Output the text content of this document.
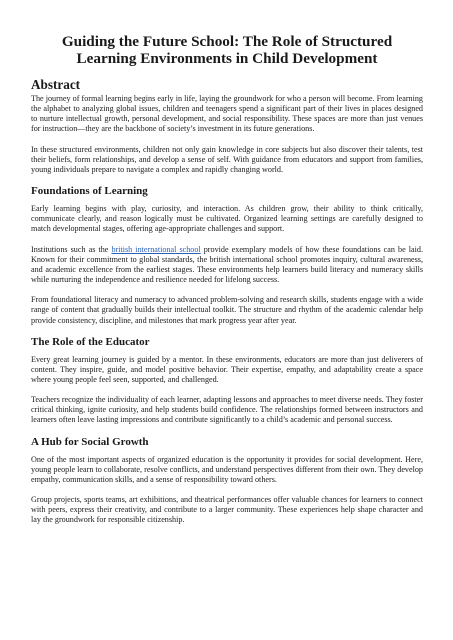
Guiding the Future School: The Role of Structured Learning Environments in Child Development
Abstract

The journey of formal learning begins early in life, laying the groundwork for who a person will become. From learning the alphabet to analyzing global issues, children and teenagers spend a significant part of their lives in places designed to nurture intellectual growth, personal development, and social responsibility. These spaces are more than just venues for instruction—they are the backbone of society’s investment in its future generations.

In these structured environments, children not only gain knowledge in core subjects but also discover their talents, test their beliefs, form relationships, and develop a sense of self. With guidance from educators and support from families, young individuals prepare to navigate a complex and rapidly changing world.

Foundations of Learning

Early learning begins with play, curiosity, and interaction. As children grow, their ability to think critically, communicate clearly, and reason logically must be cultivated. Organized learning settings are carefully designed to match developmental stages, offering age-appropriate challenges and support.

Institutions such as the british international school provide exemplary models of how these foundations can be laid. Known for their commitment to global standards, the british international school promotes inquiry, cultural awareness, and academic excellence from the earliest stages. These environments help learners build literacy and numeracy skills while nurturing the independence and resilience needed for lifelong success.

From foundational literacy and numeracy to advanced problem-solving and research skills, students engage with a wide range of content that gradually builds their intellectual toolkit. The structure and rhythm of the academic calendar help provide consistency, discipline, and milestones that mark progress year after year.

The Role of the Educator

Every great learning journey is guided by a mentor. In these environments, educators are more than just deliverers of content. They inspire, guide, and model positive behavior. Their expertise, empathy, and adaptability create a space where young people feel seen, supported, and challenged.

Teachers recognize the individuality of each learner, adapting lessons and approaches to meet diverse needs. They foster critical thinking, ignite curiosity, and help students build confidence. The relationships formed between instructors and learners often leave lasting impressions and contribute significantly to a child’s academic and personal success.

A Hub for Social Growth

One of the most important aspects of organized education is the opportunity it provides for social development. Here, young people learn to collaborate, resolve conflicts, and understand perspectives different from their own. They develop empathy, communication skills, and a sense of responsibility toward others.

Group projects, sports teams, art exhibitions, and theatrical performances offer valuable chances for learners to connect with peers, express their creativity, and contribute to a larger community. These experiences help shape character and lay the groundwork for responsible citizenship.
